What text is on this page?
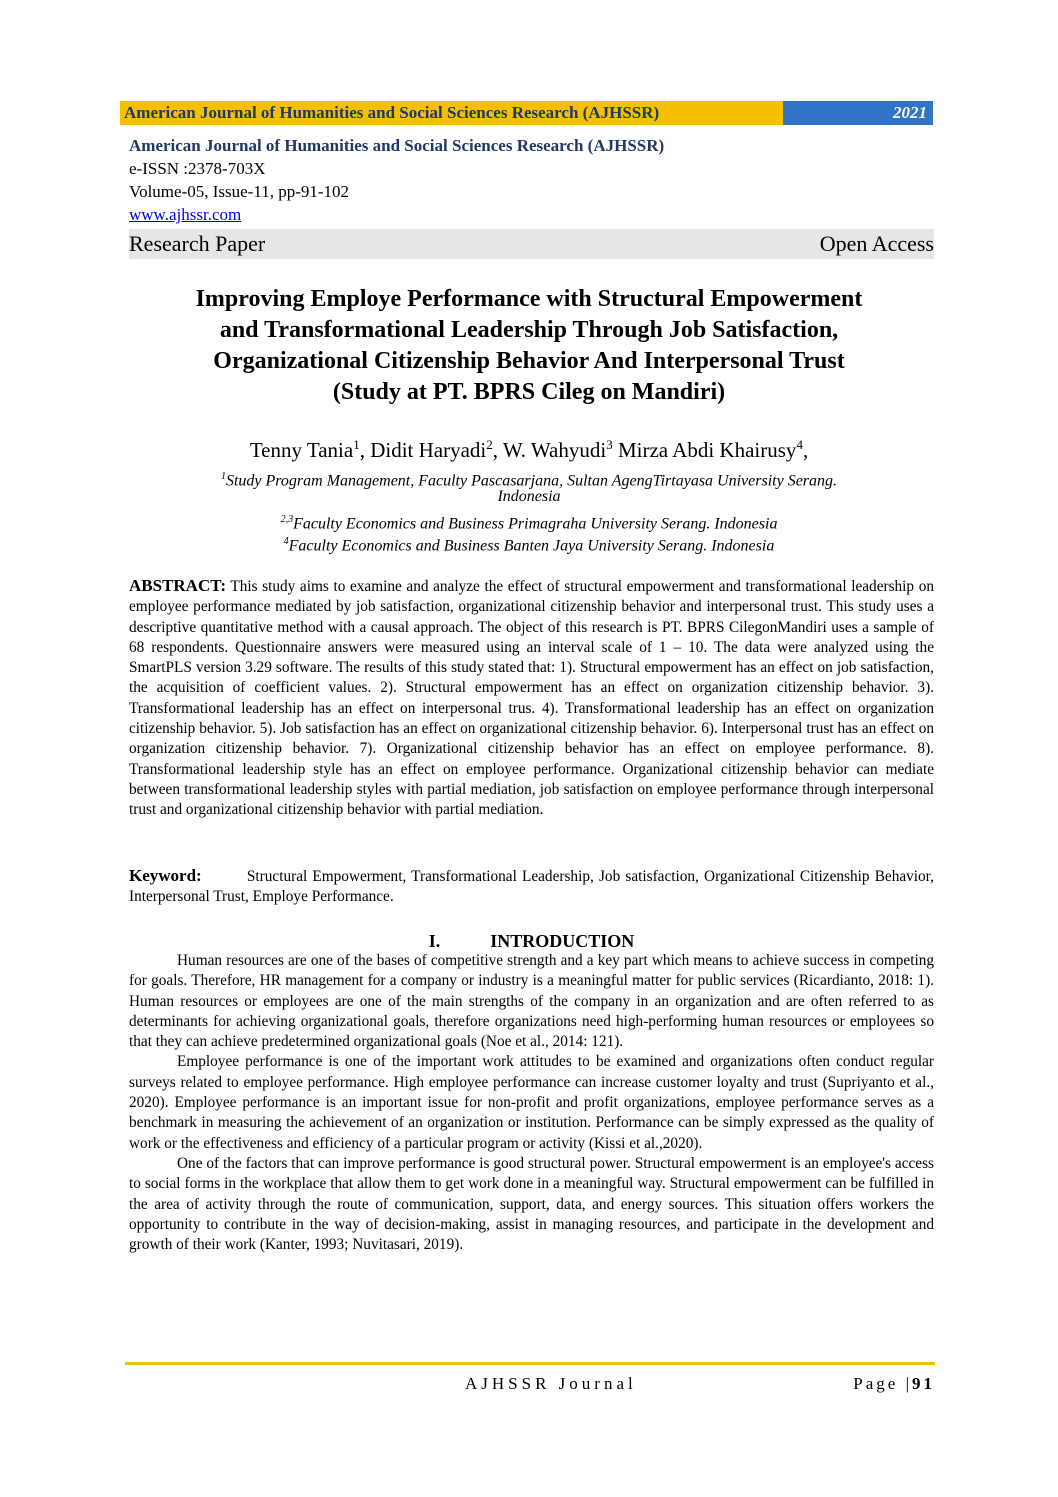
American Journal of Humanities and Social Sciences Research (AJHSSR)	2021
American Journal of Humanities and Social Sciences Research (AJHSSR)
e-ISSN :2378-703X
Volume-05, Issue-11, pp-91-102
www.ajhssr.com
Research Paper	Open Access
Improving Employe Performance with Structural Empowerment
and Transformational Leadership Through Job Satisfaction,
Organizational Citizenship Behavior And Interpersonal Trust
(Study at PT. BPRS Cileg on Mandiri)
Tenny Tania$^1$, Didit Haryadi$^2$, W. Wahyudi$^3$ Mirza Abdi Khairusy$^4$,
$^1$Study Program Management, Faculty Pascasarjana, Sultan AgengTirtayasa University Serang.
Indonesia
$^{2,3}$Faculty Economics and Business Primagraha University Serang. Indonesia
$^4$Faculty Economics and Business Banten Jaya University Serang. Indonesia
ABSTRACT: This study aims to examine and analyze the effect of structural empowerment and transformational leadership on employee performance mediated by job satisfaction, organizational citizenship behavior and interpersonal trust. This study uses a descriptive quantitative method with a causal approach. The object of this research is PT. BPRS CilegonMandiri uses a sample of 68 respondents. Questionnaire answers were measured using an interval scale of 1 – 10. The data were analyzed using the SmartPLS version 3.29 software. The results of this study stated that: 1). Structural empowerment has an effect on job satisfaction, the acquisition of coefficient values. 2). Structural empowerment has an effect on organization citizenship behavior. 3). Transformational leadership has an effect on interpersonal trus. 4). Transformational leadership has an effect on organization citizenship behavior. 5). Job satisfaction has an effect on organizational citizenship behavior. 6). Interpersonal trust has an effect on organization citizenship behavior. 7). Organizational citizenship behavior has an effect on employee performance. 8). Transformational leadership style has an effect on employee performance. Organizational citizenship behavior can mediate between transformational leadership styles with partial mediation, job satisfaction on employee performance through interpersonal trust and organizational citizenship behavior with partial mediation.
Keyword:	Structural Empowerment, Transformational Leadership, Job satisfaction, Organizational Citizenship Behavior, Interpersonal Trust, Employe Performance.
I.	INTRODUCTION

Human resources are one of the bases of competitive strength and a key part which means to achieve success in competing for goals. Therefore, HR management for a company or industry is a meaningful matter for public services (Ricardianto, 2018: 1). Human resources or employees are one of the main strengths of the company in an organization and are often referred to as determinants for achieving organizational goals, therefore organizations need high-performing human resources or employees so that they can achieve predetermined organizational goals (Noe et al., 2014: 121).

Employee performance is one of the important work attitudes to be examined and organizations often conduct regular surveys related to employee performance. High employee performance can increase customer loyalty and trust (Supriyanto et al., 2020). Employee performance is an important issue for non-profit and profit organizations, employee performance serves as a benchmark in measuring the achievement of an organization or institution. Performance can be simply expressed as the quality of work or the effectiveness and efficiency of a particular program or activity (Kissi et al.,2020).

One of the factors that can improve performance is good structural power. Structural empowerment is an employee's access to social forms in the workplace that allow them to get work done in a meaningful way. Structural empowerment can be fulfilled in the area of activity through the route of communication, support, data, and energy sources. This situation offers workers the opportunity to contribute in the way of decision-making, assist in managing resources, and participate in the development and growth of their work (Kanter, 1993; Nuvitasari, 2019).

AJHSSR Journal	Page |91
